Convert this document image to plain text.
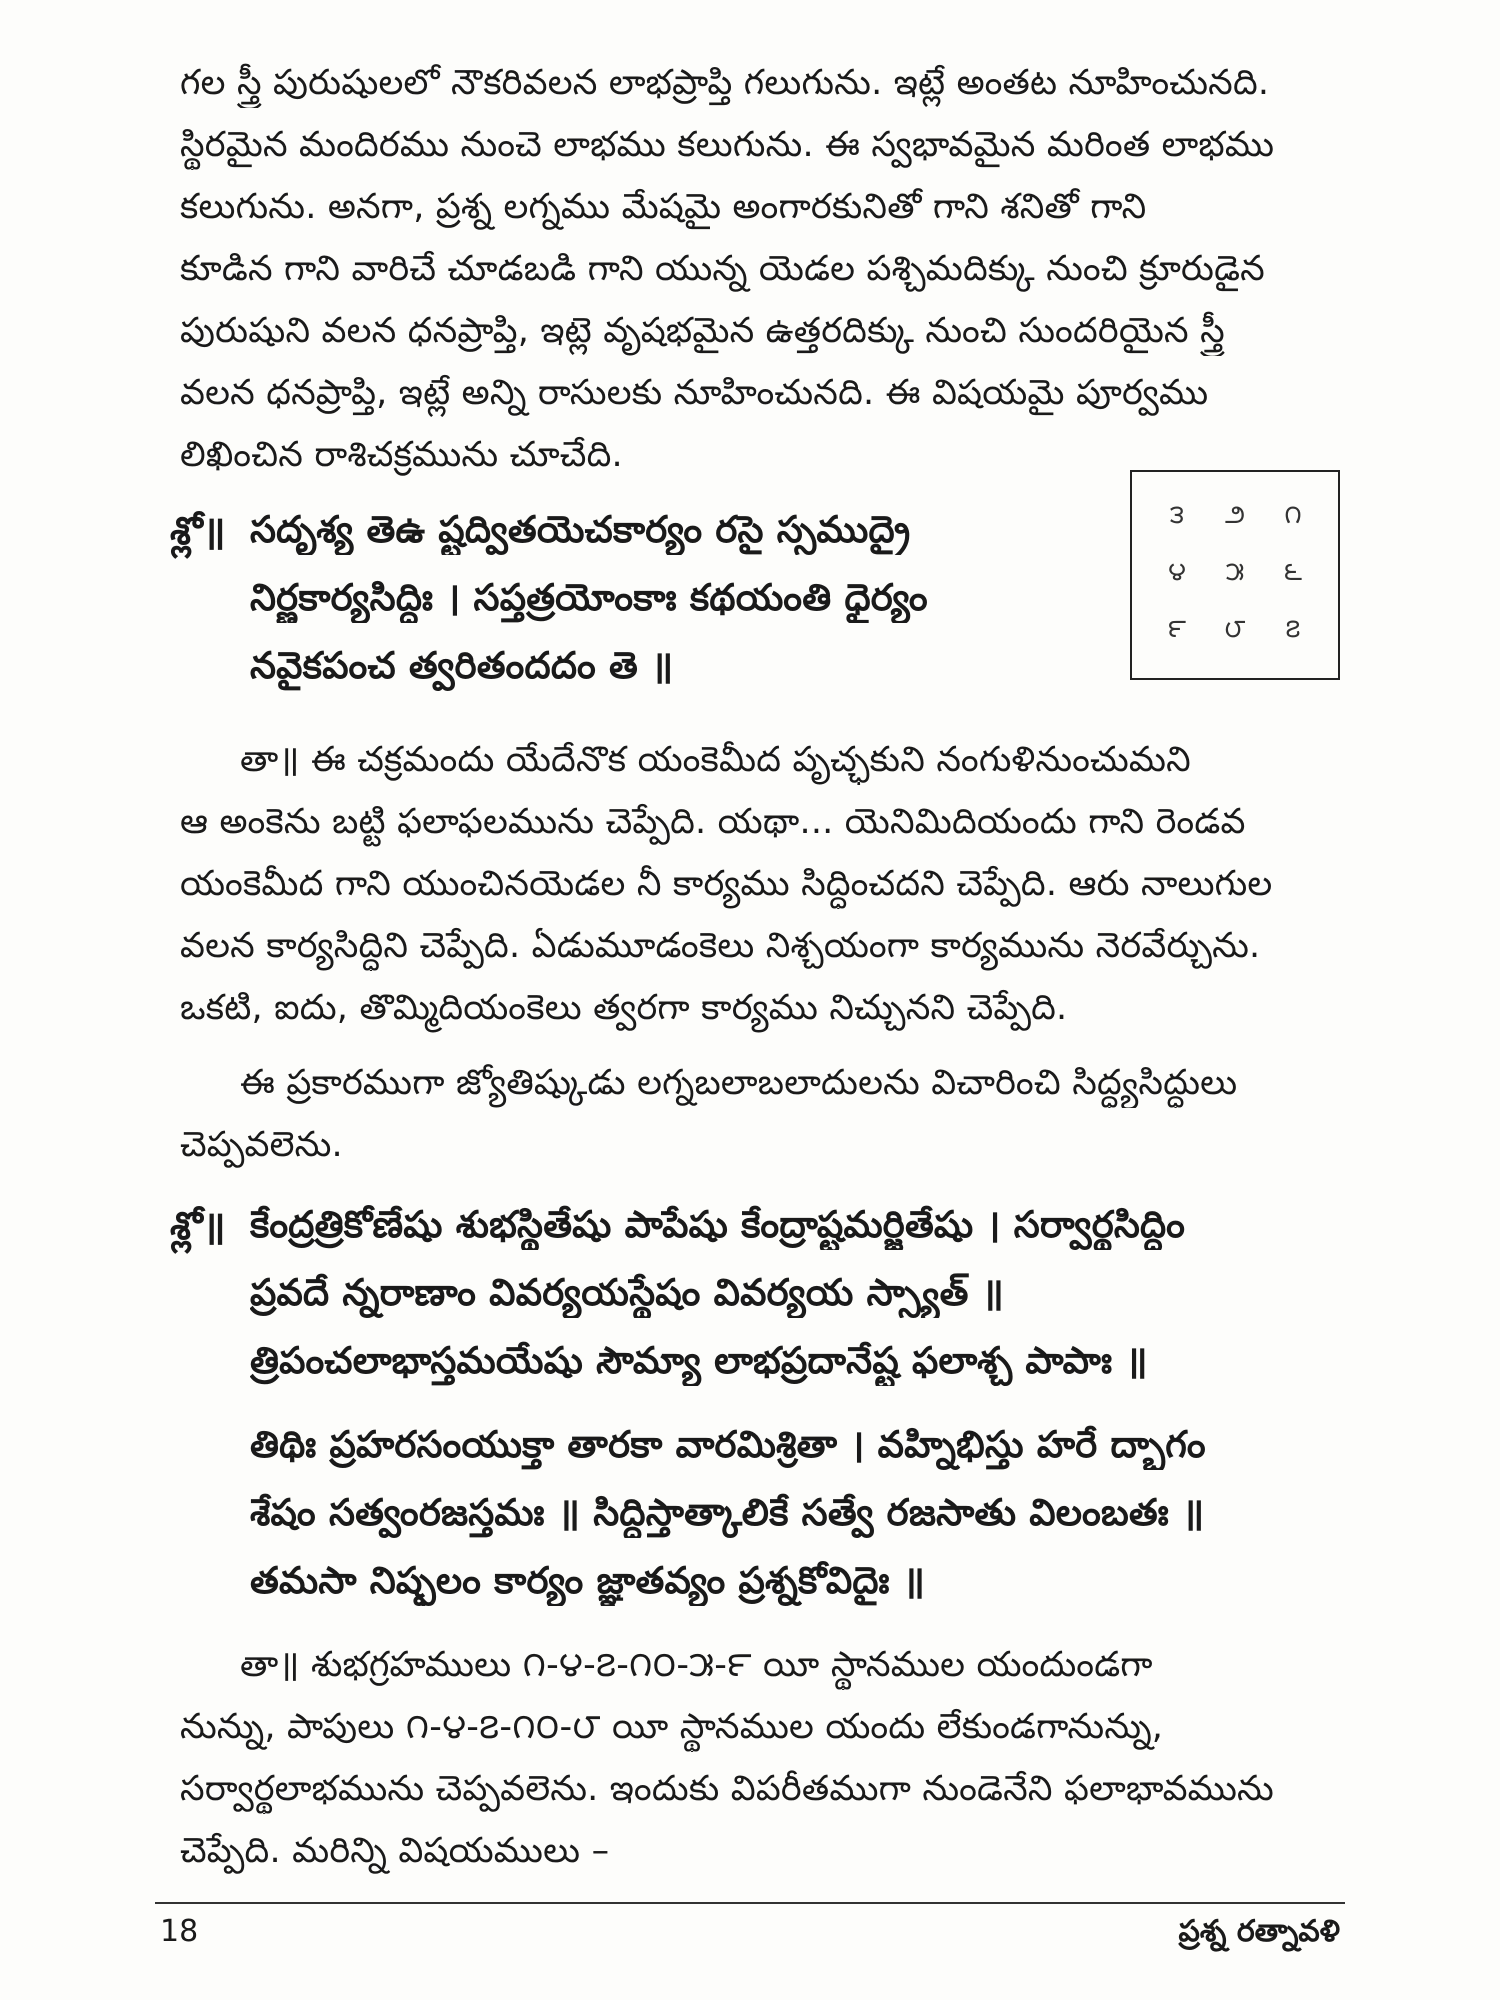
గల స్త్రీ పురుషులలో నౌకరివలన లాభప్రాప్తి గలుగును. ఇట్లే అంతట నూహించునది.
స్థిరమైన మందిరము నుంచె లాభము కలుగును. ఈ స్వభావమైన మరింత లాభము
కలుగును. అనగా, ప్రశ్న లగ్నము మేషమై అంగారకునితో గాని శనితో గాని
కూడిన గాని వారిచే చూడబడి గాని యున్న యెడల పశ్చిమదిక్కు నుంచి క్రూరుడైన
పురుషుని వలన ధనప్రాప్తి, ఇట్లె వృషభమైన ఉత్తరదిక్కు నుంచి సుందరియైన స్త్రీ
వలన ధనప్రాప్తి, ఇట్లే అన్ని రాసులకు నూహించునది. ఈ విషయమై పూర్వము
లిఖించిన రాశిచక్రమును చూచేది.
శ్లో॥ సదృశ్య తెఉ ష్టద్వితయెచకార్యం రసై స్సముద్రై
నిర్ణకార్యసిద్ధిః । సప్తత్రయోంకాః కథయంతి ధైర్యం
నవైకపంచ త్వరితందదం తె ॥
౩	౨	౧
౪	౫	౬
౯	౮	౭
తా॥ ఈ చక్రమందు యేదేనొక యంకెమీద పృచ్ఛకుని నంగుళినుంచుమని
ఆ అంకెను బట్టి ఫలాఫలమును చెప్పేది. యథా... యెనిమిదియందు గాని రెండవ
యంకెమీద గాని యుంచినయెడల నీ కార్యము సిద్ధించదని చెప్పేది. ఆరు నాలుగుల
వలన కార్యసిద్ధిని చెప్పేది. ఏడుమూడంకెలు నిశ్చయంగా కార్యమును నెరవేర్చును.
ఒకటి, ఐదు, తొమ్మిదియంకెలు త్వరగా కార్యము నిచ్చునని చెప్పేది.
ఈ ప్రకారముగా జ్యోతిష్కుడు లగ్నబలాబలాదులను విచారించి సిద్ధ్యసిద్ధులు
చెప్పవలెను.
శ్లో॥ కేంద్రత్రికోణేషు శుభస్థితేషు పాపేషు కేంద్రాష్టమర్జితేషు । సర్వార్థసిద్ధిం
ప్రవదే న్నరాణాం వివర్యయస్థేషం వివర్యయ స్స్యాత్ ॥
త్రిపంచలాభాస్తమయేషు సౌమ్యా లాభప్రదానేష్ట ఫలాశ్చ పాపాః ॥
తిథిః ప్రహరసంయుక్తా తారకా వారమిశ్రితా । వహ్నిభిస్తు హరే ద్భాగం
శేషం సత్వంరజస్తమః ॥ సిద్ధిస్తాత్కాలికే సత్వే రజసాతు విలంబతః ॥
తమసా నిష్ఫలం కార్యం జ్ఞాతవ్యం ప్రశ్నకోవిదైః ॥
తా॥ శుభగ్రహములు ౧-౪-౭-౧౦-౫-౯ యీ స్థానముల యందుండగా
నున్ను, పాపులు ౧-౪-౭-౧౦-౮ యీ స్థానముల యందు లేకుండగానున్ను,
సర్వార్థలాభమును చెప్పవలెను. ఇందుకు విపరీతముగా నుండెనేని ఫలాభావమును
చెప్పేది. మరిన్ని విషయములు –
18	ప్రశ్న రత్నావళి
